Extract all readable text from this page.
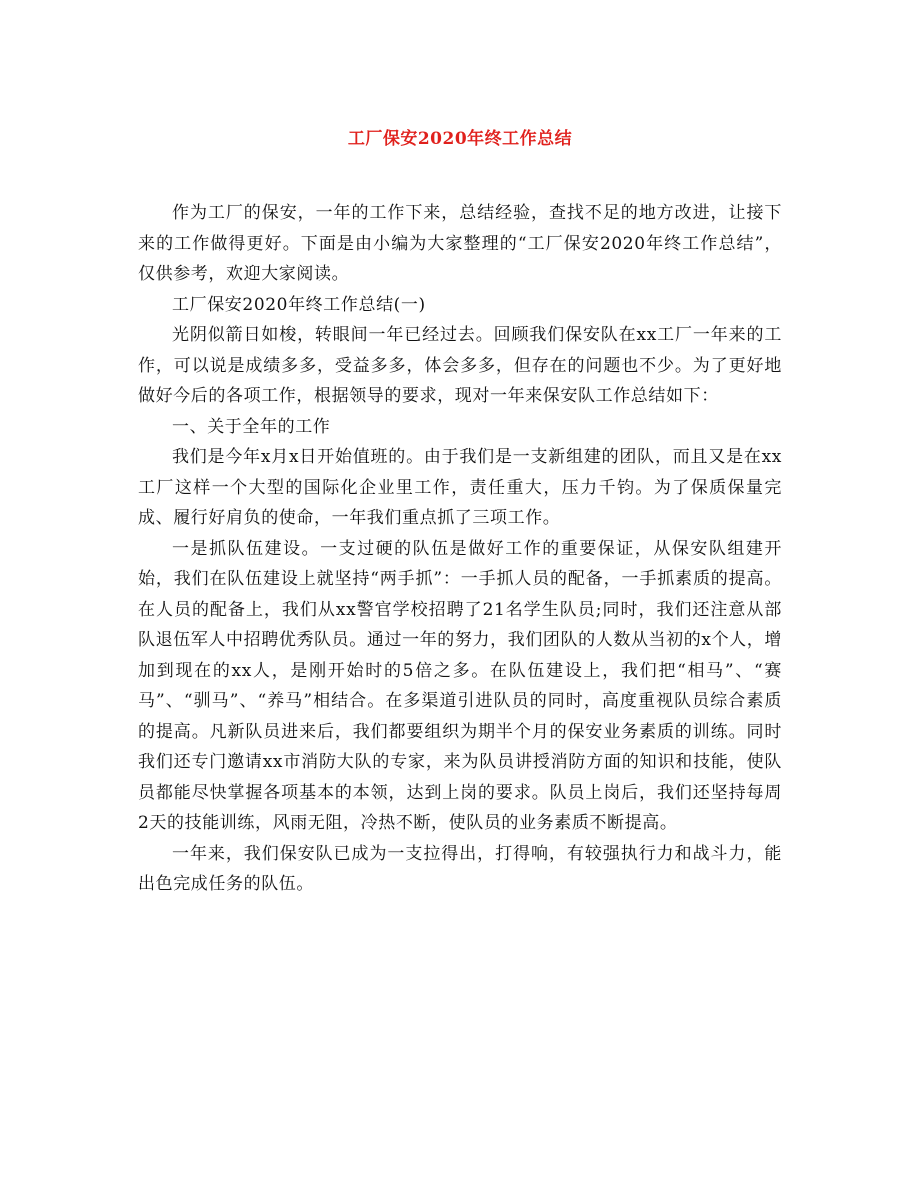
工厂保安2020年终工作总结

作为工厂的保安，一年的工作下来，总结经验，查找不足的地方改进，让接下来的工作做得更好。下面是由小编为大家整理的“工厂保安2020年终工作总结”，仅供参考，欢迎大家阅读。

工厂保安2020年终工作总结(一)

光阴似箭日如梭，转眼间一年已经过去。回顾我们保安队在xx工厂一年来的工作，可以说是成绩多多，受益多多，体会多多，但存在的问题也不少。为了更好地做好今后的各项工作，根据领导的要求，现对一年来保安队工作总结如下：

一、关于全年的工作

我们是今年x月x日开始值班的。由于我们是一支新组建的团队，而且又是在xx工厂这样一个大型的国际化企业里工作，责任重大，压力千钧。为了保质保量完成、履行好肩负的使命，一年我们重点抓了三项工作。

一是抓队伍建设。一支过硬的队伍是做好工作的重要保证，从保安队组建开始，我们在队伍建设上就坚持“两手抓”：一手抓人员的配备，一手抓素质的提高。在人员的配备上，我们从xx警官学校招聘了21名学生队员;同时，我们还注意从部队退伍军人中招聘优秀队员。通过一年的努力，我们团队的人数从当初的x个人，增加到现在的xx人，是刚开始时的5倍之多。在队伍建设上，我们把“相马”、“赛马”、“驯马”、“养马”相结合。在多渠道引进队员的同时，高度重视队员综合素质的提高。凡新队员进来后，我们都要组织为期半个月的保安业务素质的训练。同时我们还专门邀请xx市消防大队的专家，来为队员讲授消防方面的知识和技能，使队员都能尽快掌握各项基本的本领，达到上岗的要求。队员上岗后，我们还坚持每周2天的技能训练，风雨无阻，冷热不断，使队员的业务素质不断提高。

一年来，我们保安队已成为一支拉得出，打得响，有较强执行力和战斗力，能出色完成任务的队伍。
